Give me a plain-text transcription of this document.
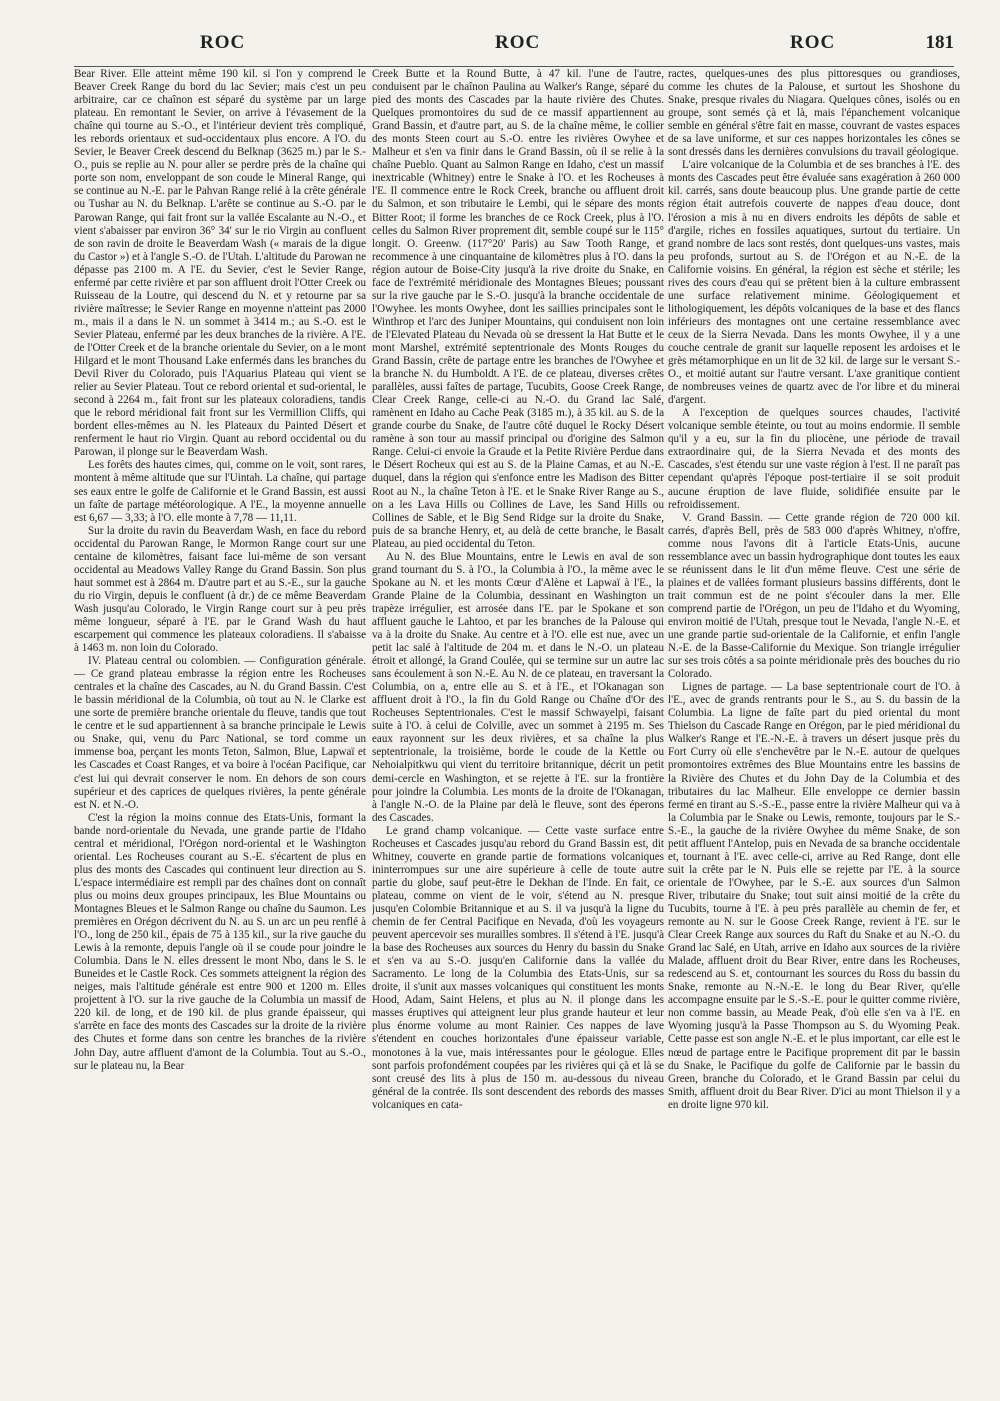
ROC	ROC	ROC	181

Bear River. Elle atteint même 190 kil. si l'on y comprend le Beaver Creek Range du bord du lac Sevier; mais c'est un peu arbitraire, car ce chaînon est séparé du système par un large plateau. En remontant le Sevier, on arrive à l'évasement de la chaîne qui tourne au S.-O., et l'intérieur devient très compliqué, les rebords orientaux et sud-occidentaux plus encore. A l'O. du Sevier, le Beaver Creek descend du Belknap (3625 m.) par le S.-O., puis se replie au N. pour aller se perdre près de la chaîne qui porte son nom, enveloppant de son coude le Mineral Range, qui se continue au N.-E. par le Pahvan Range relié à la crête générale ou Tushar au N. du Belknap. L'arête se continue au S.-O. par le Parowan Range, qui fait front sur la vallée Escalante au N.-O., et vient s'abaisser par environ 36° 34' sur le rio Virgin au confluent de son ravin de droite le Beaverdam Wash (« marais de la digue du Castor ») et à l'angle S.-O. de l'Utah. L'altitude du Parowan ne dépasse pas 2100 m. A l'E. du Sevier, c'est le Sevier Range, enfermé par cette rivière et par son affluent droit l'Otter Creek ou Ruisseau de la Loutre, qui descend du N. et y retourne par sa rivière maîtresse; le Sevier Range en moyenne n'atteint pas 2000 m., mais il a dans le N. un sommet à 3414 m.; au S.-O. est le Sevier Plateau, enfermé par les deux branches de la rivière. A l'E. de l'Otter Creek et de la branche orientale du Sevier, on a le mont Hilgard et le mont Thousand Lake enfermés dans les branches du Devil River du Colorado, puis l'Aquarius Plateau qui vient se relier au Sevier Plateau. Tout ce rebord oriental et sud-oriental, le second à 2264 m., fait front sur les plateaux coloradiens, tandis que le rebord méridional fait front sur les Vermillion Cliffs, qui bordent elles-mêmes au N. les Plateaux du Painted Désert et renferment le haut rio Virgin. Quant au rebord occidental ou du Parowan, il plonge sur le Beaverdam Wash.

Les forêts des hautes cimes, qui, comme on le voit, sont rares, montent à même altitude que sur l'Uintah. La chaîne, qui partage ses eaux entre le golfe de Californie et le Grand Bassin, est aussi un faîte de partage météorologique. A l'E., la moyenne annuelle est 6,67 — 3,33; à l'O. elle monte à 7,78 — 11,11.

Sur la droite du ravin du Beaverdam Wash, en face du rebord occidental du Parowan Range, le Mormon Range court sur une centaine de kilomètres, faisant face lui-même de son versant occidental au Meadows Valley Range du Grand Bassin. Son plus haut sommet est à 2864 m. D'autre part et au S.-E., sur la gauche du rio Virgin, depuis le confluent (à dr.) de ce même Beaverdam Wash jusqu'au Colorado, le Virgin Range court sur à peu près même longueur, séparé à l'E. par le Grand Wash du haut escarpement qui commence les plateaux coloradiens. Il s'abaisse à 1463 m. non loin du Colorado.

IV. Plateau central ou colombien. — Configuration générale. — Ce grand plateau embrasse la région entre les Rocheuses centrales et la chaîne des Cascades, au N. du Grand Bassin. C'est le bassin méridional de la Columbia, où tout au N. le Clarke est une sorte de première branche orientale du fleuve, tandis que tout le centre et le sud appartiennent à sa branche principale le Lewis ou Snake, qui, venu du Parc National, se tord comme un immense boa, perçant les monts Teton, Salmon, Blue, Lapwaï et les Cascades et Coast Ranges, et va boire à l'océan Pacifique, car c'est lui qui devrait conserver le nom. En dehors de son cours supérieur et des caprices de quelques rivières, la pente générale est N. et N.-O.

C'est la région la moins connue des Etats-Unis, formant la bande nord-orientale du Nevada, une grande partie de l'Idaho central et méridional, l'Orégon nord-oriental et le Washington oriental. Les Rocheuses courant au S.-E. s'écartent de plus en plus des monts des Cascades qui continuent leur direction au S. L'espace intermédiaire est rempli par des chaînes dont on connaît plus ou moins deux groupes principaux, les Blue Mountains ou Montagnes Bleues et le Salmon Range ou chaîne du Saumon. Les premières en Orégon décrivent du N. au S. un arc un peu renflé à l'O., long de 250 kil., épais de 75 à 135 kil., sur la rive gauche du Lewis à la remonte, depuis l'angle où il se coude pour joindre le Columbia. Dans le N. elles dressent le mont Nbo, dans le S. le Buneides et le Castle Rock. Ces sommets atteignent la région des neiges, mais l'altitude générale est entre 900 et 1200 m. Elles projettent à l'O. sur la rive gauche de la Columbia un massif de 220 kil. de long, et de 190 kil. de plus grande épaisseur, qui s'arrête en face des monts des Cascades sur la droite de la rivière des Chutes et forme dans son centre les branches de la rivière John Day, autre affluent d'amont de la Columbia. Tout au S.-O., sur le plateau nu, la Bear

Creek Butte et la Round Butte, à 47 kil. l'une de l'autre, conduisent par le chaînon Paulina au Walker's Range, séparé du pied des monts des Cascades par la haute rivière des Chutes. Quelques promontoires du sud de ce massif appartiennent au Grand Bassin, et d'autre part, au S. de la chaîne même, le collier des monts Steen court au S.-O. entre les rivières Owyhee et Malheur et s'en va finir dans le Grand Bassin, où il se relie à la chaîne Pueblo. Quant au Salmon Range en Idaho, c'est un massif inextricable (Whitney) entre le Snake à l'O. et les Rocheuses à l'E. Il commence entre le Rock Creek, branche ou affluent droit du Salmon, et son tributaire le Lembi, qui le sépare des monts Bitter Root; il forme les branches de ce Rock Creek, plus à l'O. celles du Salmon River proprement dit, semble coupé sur le 115° longit. O. Greenw. (117°20' Paris) au Saw Tooth Range, et recommence à une cinquantaine de kilomètres plus à l'O. dans la région autour de Boise-City jusqu'à la rive droite du Snake, en face de l'extrémité méridionale des Montagnes Bleues; poussant sur la rive gauche par le S.-O. jusqu'à la branche occidentale de l'Owyhee. les monts Owyhee, dont les saillies principales sont le Winthrop et l'arc des Juniper Mountains, qui conduisent non loin de l'Elevated Plateau du Nevada où se dressent la Hat Butte et le mont Marshel, extrémité septentrionale des Monts Rouges du Grand Bassin, crête de partage entre les branches de l'Owyhee et la branche N. du Humboldt. A l'E. de ce plateau, diverses crêtes parallèles, aussi faîtes de partage, Tucubits, Goose Creek Range, Clear Creek Range, celle-ci au N.-O. du Grand lac Salé, ramènent en Idaho au Cache Peak (3185 m.), à 35 kil. au S. de la grande courbe du Snake, de l'autre côté duquel le Rocky Désert ramène à son tour au massif principal ou d'origine des Salmon Range. Celui-ci envoie la Graude et la Petite Rivière Perdue dans le Désert Rocheux qui est au S. de la Plaine Camas, et au N.-E. duquel, dans la région qui s'enfonce entre les Madison des Bitter Root au N., la chaîne Teton à l'E. et le Snake River Range au S., on a les Lava Hills ou Collines de Lave, les Sand Hills ou Collines de Sable, et le Big Send Ridge sur la droite du Snake, puis de sa branche Henry, et, au delà de cette branche, le Basalt Plateau, au pied occidental du Teton.

Au N. des Blue Mountains, entre le Lewis en aval de son grand tournant du S. à l'O., la Columbia à l'O., la même avec le Spokane au N. et les monts Cœur d'Alène et Lapwaï à l'E., la Grande Plaine de la Columbia, dessinant en Washington un trapèze irrégulier, est arrosée dans l'E. par le Spokane et son affluent gauche le Lahtoo, et par les branches de la Palouse qui va à la droite du Snake. Au centre et à l'O. elle est nue, avec un petit lac salé à l'altitude de 204 m. et dans le N.-O. un plateau étroit et allongé, la Grand Coulée, qui se termine sur un autre lac sans écoulement à son N.-E. Au N. de ce plateau, en traversant la Columbia, on a, entre elle au S. et à l'E., et l'Okanagan son affluent droit à l'O., la fin du Gold Range ou Chaîne d'Or des Rocheuses Septentrionales. C'est le massif Schwayelpi, faisant suite à l'O. à celui de Colville, avec un sommet à 2195 m. Ses eaux rayonnent sur les deux rivières, et sa chaîne la plus septentrionale, la troisième, borde le coude de la Kettle ou Nehoialpitkwu qui vient du territoire britannique, décrit un petit demi-cercle en Washington, et se rejette à l'E. sur la frontière pour joindre la Columbia. Les monts de la droite de l'Okanagan, à l'angle N.-O. de la Plaine par delà le fleuve, sont des éperons des Cascades.

Le grand champ volcanique. — Cette vaste surface entre Rocheuses et Cascades jusqu'au rebord du Grand Bassin est, dit Whitney, couverte en grande partie de formations volcaniques ininterrompues sur une aire supérieure à celle de toute autre partie du globe, sauf peut-être le Dekhan de l'Inde. En fait, ce plateau, comme on vient de le voir, s'étend au N. presque jusqu'en Colombie Britannique et au S. il va jusqu'à la ligne du chemin de fer Central Pacifique en Nevada, d'où les voyageurs peuvent apercevoir ses murailles sombres. Il s'étend à l'E. jusqu'à la base des Rocheuses aux sources du Henry du bassin du Snake et s'en va au S.-O. jusqu'en Californie dans la vallée du Sacramento. Le long de la Columbia des Etats-Unis, sur sa droite, il s'unit aux masses volcaniques qui constituent les monts Hood, Adam, Saint Helens, et plus au N. il plonge dans les masses éruptives qui atteignent leur plus grande hauteur et leur plus énorme volume au mont Rainier. Ces nappes de lave s'étendent en couches horizontales d'une épaisseur variable, monotones à la vue, mais intéressantes pour le géologue. Elles sont parfois profondément coupées par les rivières qui çà et là se sont creusé des lits à plus de 150 m. au-dessous du niveau général de la contrée. Ils sont descendent des rebords des masses volcaniques en cata-

ractes, quelques-unes des plus pittoresques ou grandioses, comme les chutes de la Palouse, et surtout les Shoshone du Snake, presque rivales du Niagara. Quelques cônes, isolés ou en groupe, sont semés çà et là, mais l'épanchement volcanique semble en général s'être fait en masse, couvrant de vastes espaces de sa lave uniforme, et sur ces nappes horizontales les cônes se sont dressés dans les dernières convulsions du travail géologique.

L'aire volcanique de la Columbia et de ses branches à l'E. des monts des Cascades peut être évaluée sans exagération à 260 000 kil. carrés, sans doute beaucoup plus. Une grande partie de cette région était autrefois couverte de nappes d'eau douce, dont l'érosion a mis à nu en divers endroits les dépôts de sable et d'argile, riches en fossiles aquatiques, surtout du tertiaire. Un grand nombre de lacs sont restés, dont quelques-uns vastes, mais peu profonds, surtout au S. de l'Orégon et au N.-E. de la Californie voisins. En général, la région est sèche et stérile; les rives des cours d'eau qui se prêtent bien à la culture embrassent une surface relativement minime. Géologiquement et lithologiquement, les dépôts volcaniques de la base et des flancs inférieurs des montagnes ont une certaine ressemblance avec ceux de la Sierra Nevada. Dans les monts Owyhee, il y a une couche centrale de granit sur laquelle reposent les ardoises et le grès métamorphique en un lit de 32 kil. de large sur le versant S.-O., et moitié autant sur l'autre versant. L'axe granitique contient de nombreuses veines de quartz avec de l'or libre et du minerai d'argent.

A l'exception de quelques sources chaudes, l'activité volcanique semble éteinte, ou tout au moins endormie. Il semble qu'il y a eu, sur la fin du pliocène, une période de travail extraordinaire qui, de la Sierra Nevada et des monts des Cascades, s'est étendu sur une vaste région à l'est. Il ne paraît pas cependant qu'après l'époque post-tertiaire il se soit produit aucune éruption de lave fluide, solidifiée ensuite par le refroidissement.

V. Grand Bassin. — Cette grande région de 720 000 kil. carrés, d'après Bell, près de 583 000 d'après Whitney, n'offre, comme nous l'avons dit à l'article Etats-Unis, aucune ressemblance avec un bassin hydrographique dont toutes les eaux se réunissent dans le lit d'un même fleuve. C'est une série de plaines et de vallées formant plusieurs bassins différents, dont le trait commun est de ne point s'écouler dans la mer. Elle comprend partie de l'Orégon, un peu de l'Idaho et du Wyoming, environ moitié de l'Utah, presque tout le Nevada, l'angle N.-E. et une grande partie sud-orientale de la Californie, et enfin l'angle N.-E. de la Basse-Californie du Mexique. Son triangle irrégulier sur ses trois côtés a sa pointe méridionale près des bouches du rio Colorado.

Lignes de partage. — La base septentrionale court de l'O. à l'E., avec de grands rentrants pour le S., au S. du bassin de la Columbia. La ligne de faîte part du pied oriental du mont Thielson du Cascade Range en Orégon, par le pied méridional du Walker's Range et l'E.-N.-E. à travers un désert jusque près du Fort Curry où elle s'enchevêtre par le N.-E. autour de quelques promontoires extrêmes des Blue Mountains entre les bassins de la Rivière des Chutes et du John Day de la Columbia et des tributaires du lac Malheur. Elle enveloppe ce dernier bassin fermé en tirant au S.-S.-E., passe entre la rivière Malheur qui va à la Columbia par le Snake ou Lewis, remonte, toujours par le S.-S.-E., la gauche de la rivière Owyhee du même Snake, de son petit affluent l'Antelop, puis en Nevada de sa branche occidentale et, tournant à l'E. avec celle-ci, arrive au Red Range, dont elle suit la crête par le N. Puis elle se rejette par l'E. à la source orientale de l'Owyhee, par le S.-E. aux sources d'un Salmon River, tributaire du Snake; tout suit ainsi moitié de la crête du Tucubits, tourne à l'E. à peu près parallèle au chemin de fer, et remonte au N. sur le Goose Creek Range, revient à l'E. sur le Clear Creek Range aux sources du Raft du Snake et au N.-O. du Grand lac Salé, en Utah, arrive en Idaho aux sources de la rivière Malade, affluent droit du Bear River, entre dans les Rocheuses, redescend au S. et, contournant les sources du Ross du bassin du Snake, remonte au N.-N.-E. le long du Bear River, qu'elle accompagne ensuite par le S.-S.-E. pour le quitter comme rivière, non comme bassin, au Meade Peak, d'où elle s'en va à l'E. en Wyoming jusqu'à la Passe Thompson au S. du Wyoming Peak. Cette passe est son angle N.-E. et le plus important, car elle est le nœud de partage entre le Pacifique proprement dit par le bassin du Snake, le Pacifique du golfe de Californie par le bassin du Green, branche du Colorado, et le Grand Bassin par celui du Smith, affluent droit du Bear River. D'ici au mont Thielson il y a en droite ligne 970 kil.
